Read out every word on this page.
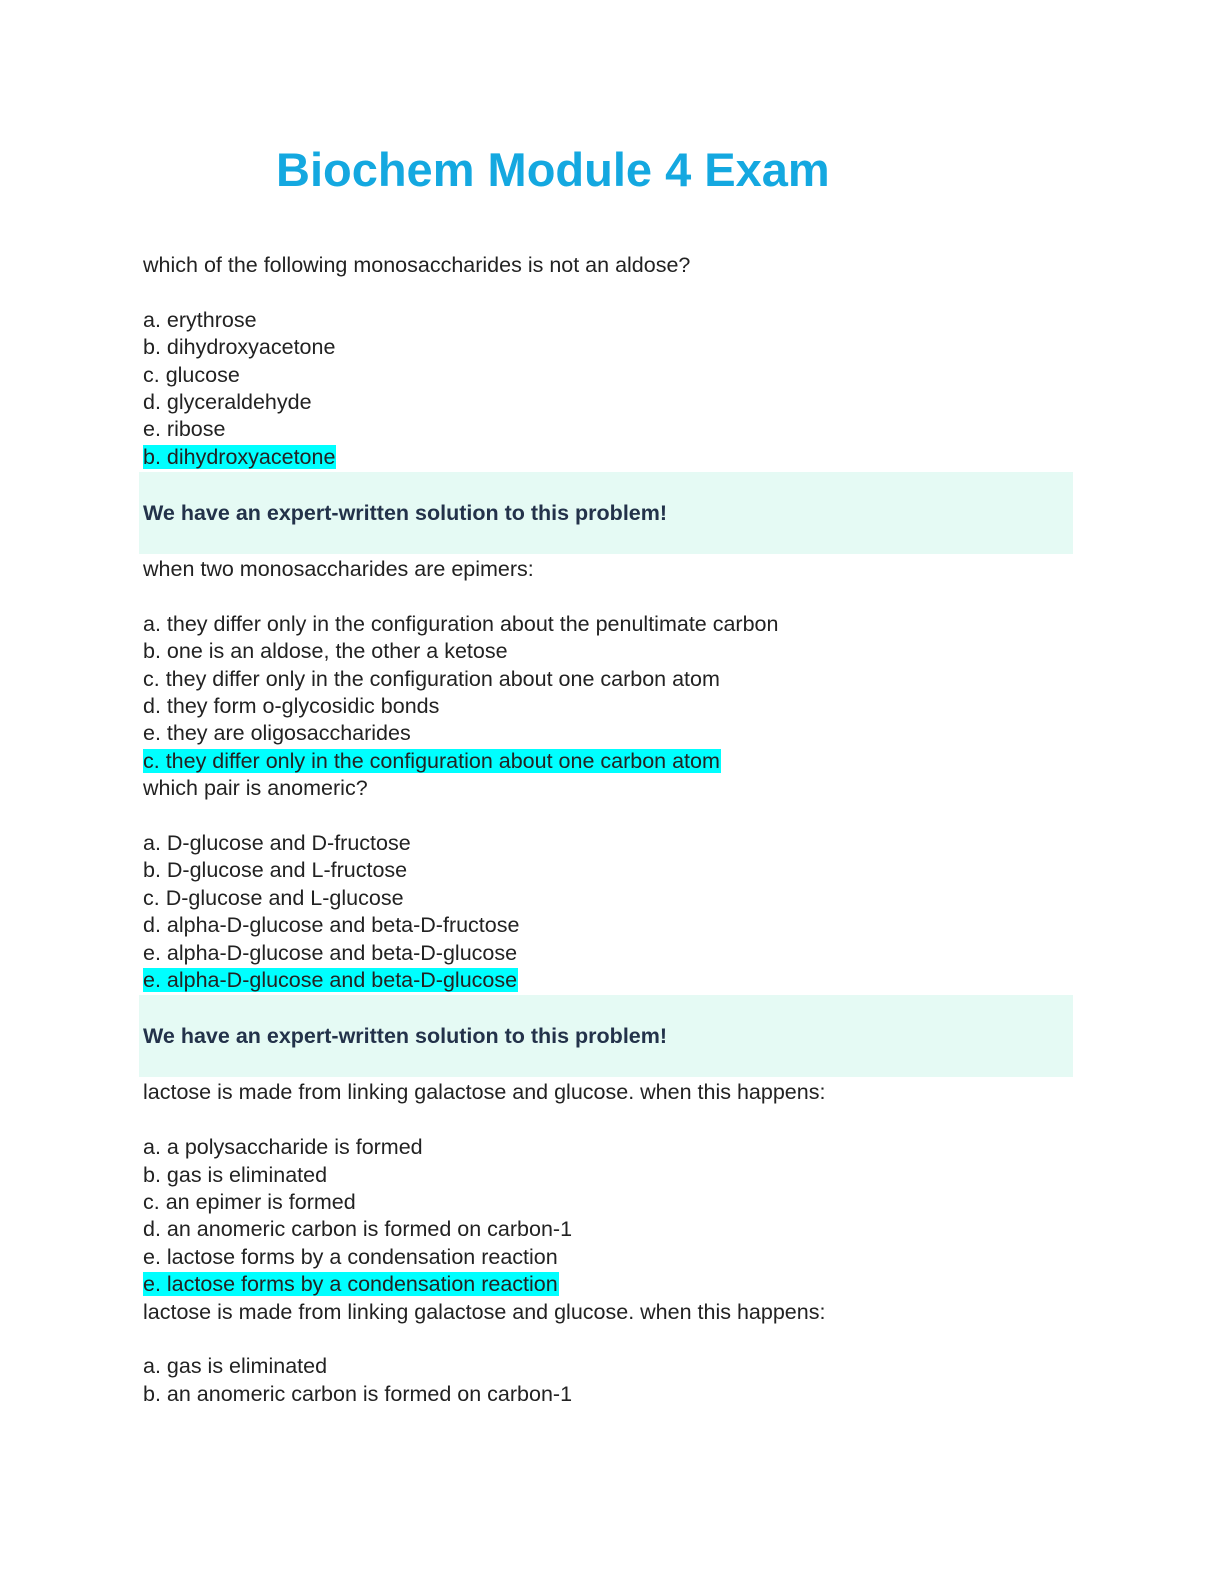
Biochem Module 4 Exam
which of the following monosaccharides is not an aldose?
a. erythrose
b. dihydroxyacetone
c. glucose
d. glyceraldehyde
e. ribose
b. dihydroxyacetone
We have an expert-written solution to this problem!
when two monosaccharides are epimers:
a. they differ only in the configuration about the penultimate carbon
b. one is an aldose, the other a ketose
c. they differ only in the configuration about one carbon atom
d. they form o-glycosidic bonds
e. they are oligosaccharides
c. they differ only in the configuration about one carbon atom
which pair is anomeric?
a. D-glucose and D-fructose
b. D-glucose and L-fructose
c. D-glucose and L-glucose
d. alpha-D-glucose and beta-D-fructose
e. alpha-D-glucose and beta-D-glucose
e. alpha-D-glucose and beta-D-glucose
We have an expert-written solution to this problem!
lactose is made from linking galactose and glucose. when this happens:
a. a polysaccharide is formed
b. gas is eliminated
c. an epimer is formed
d. an anomeric carbon is formed on carbon-1
e. lactose forms by a condensation reaction
e. lactose forms by a condensation reaction
lactose is made from linking galactose and glucose. when this happens:
a. gas is eliminated
b. an anomeric carbon is formed on carbon-1
